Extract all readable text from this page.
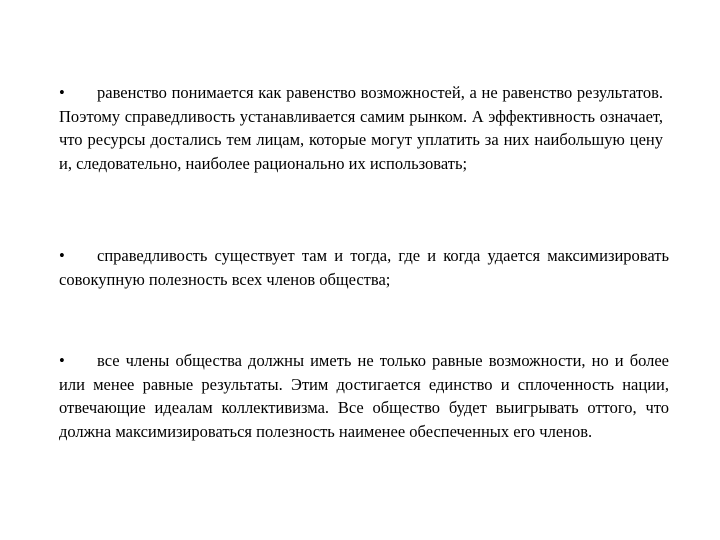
• равенство понимается как равенство возможностей, а не равенство результатов. Поэтому справедливость устанавливается самим рынком. А эффективность означает, что ресурсы достались тем лицам, которые могут уплатить за них наибольшую цену и, следовательно, наиболее рационально их использовать;

• справедливость существует там и тогда, где и когда удается максимизировать совокупную полезность всех членов общества;

• все члены общества должны иметь не только равные возможности, но и более или менее равные результаты. Этим достигается единство и сплоченность нации, отвечающие идеалам коллективизма. Все общество будет выигрывать оттого, что должна максимизироваться полезность наименее обеспеченных его членов.
